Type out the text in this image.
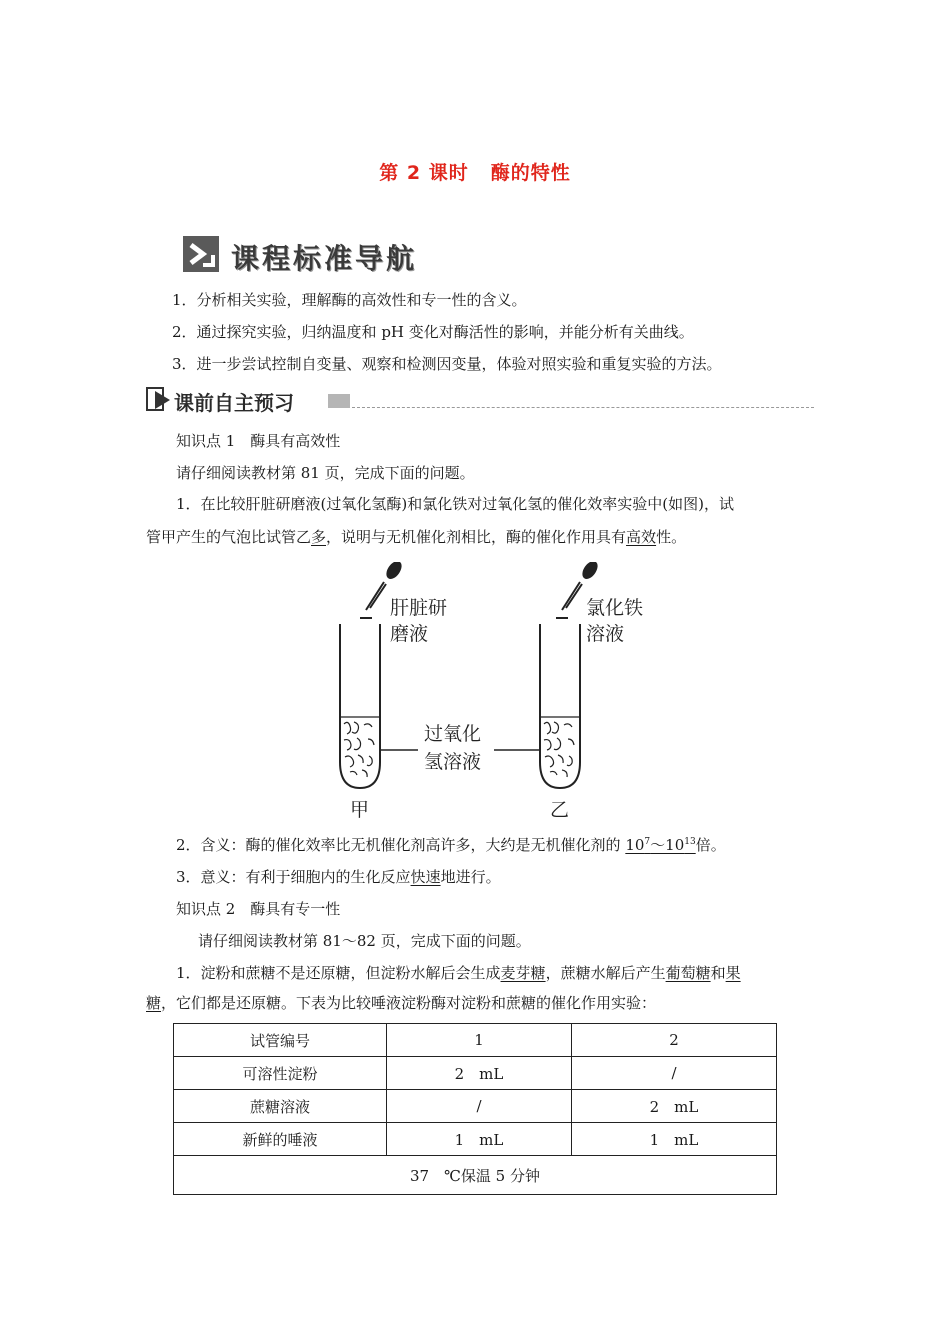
第 2 课时 酶的特性
课程标准导航
1．分析相关实验，理解酶的高效性和专一性的含义。
2．通过探究实验，归纳温度和 pH 变化对酶活性的影响，并能分析有关曲线。
3．进一步尝试控制自变量、观察和检测因变量，体验对照实验和重复实验的方法。
课前自主预习
知识点 1　酶具有高效性
请仔细阅读教材第 81 页，完成下面的问题。
1．在比较肝脏研磨液(过氧化氢酶)和氯化铁对过氧化氢的催化效率实验中(如图)，试
管甲产生的气泡比试管乙多，说明与无机催化剂相比，酶的催化作用具有高效性。
肝脏研
磨液
氯化铁
溶液
过氧化
氢溶液
甲	乙
2．含义：酶的催化效率比无机催化剂高许多，大约是无机催化剂的 $10^7\sim 10^{13}$倍。
3．意义：有利于细胞内的生化反应快速地进行。
知识点 2　酶具有专一性
请仔细阅读教材第 81～82 页，完成下面的问题。
1．淀粉和蔗糖不是还原糖，但淀粉水解后会生成麦芽糖，蔗糖水解后产生葡萄糖和果
糖，它们都是还原糖。下表为比较唾液淀粉酶对淀粉和蔗糖的催化作用实验：
试管编号	1	2
可溶性淀粉	2　mL	/
蔗糖溶液	/	2　mL
新鲜的唾液	1　mL	1　mL
37　℃保温 5 分钟		
